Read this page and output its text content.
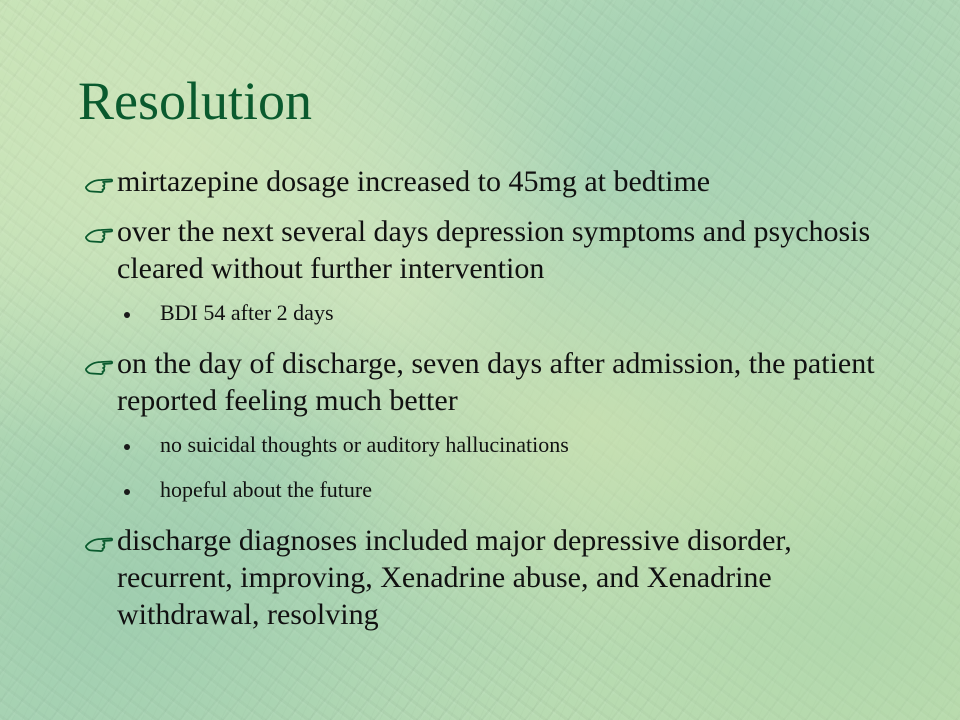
Resolution
mirtazepine dosage increased to 45mg at bedtime
over the next several days depression symptoms and psychosis cleared without further intervention
BDI 54 after 2 days
on the day of discharge, seven days after admission, the patient reported feeling much better
no suicidal thoughts or auditory hallucinations
hopeful about the future
discharge diagnoses included major depressive disorder, recurrent, improving, Xenadrine abuse, and Xenadrine withdrawal, resolving
